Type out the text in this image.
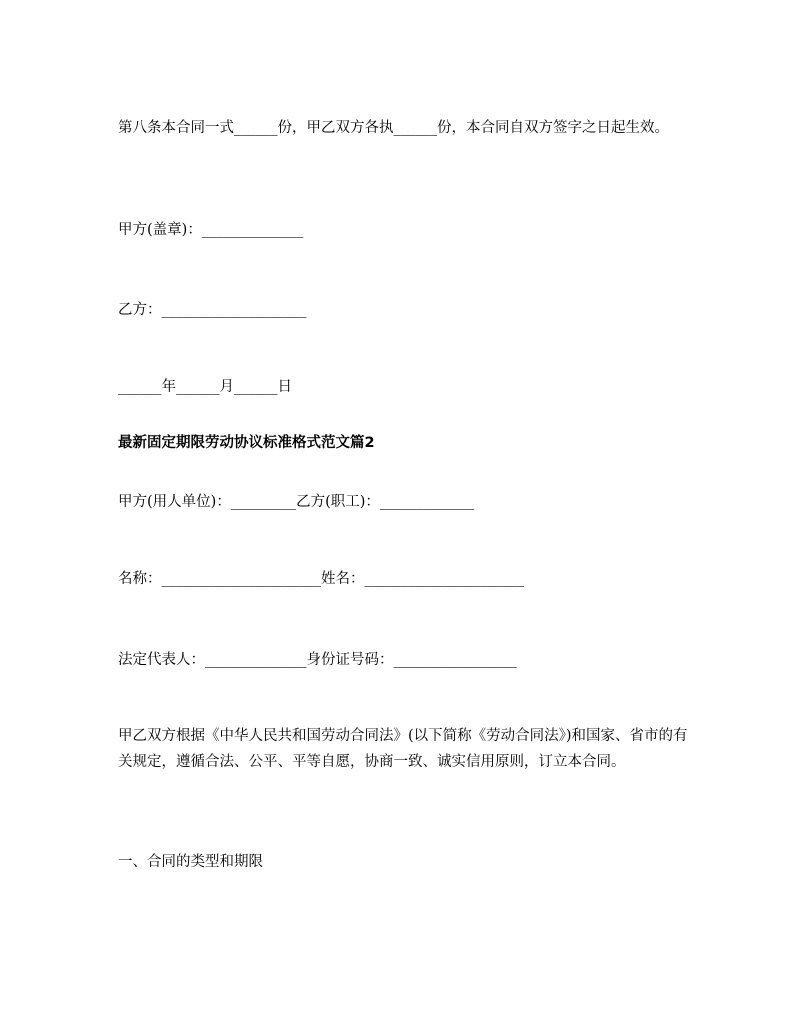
第八条本合同一式______份，甲乙双方各执______份，本合同自双方签字之日起生效。

甲方(盖章)：______________

乙方：____________________

______年______月______日

最新固定期限劳动协议标准格式范文篇2

甲方(用人单位)：_________乙方(职工)：_____________

名称：______________________姓名：______________________

法定代表人：______________身份证号码：_________________

甲乙双方根据《中华人民共和国劳动合同法》(以下简称《劳动合同法》)和国家、省市的有关规定，遵循合法、公平、平等自愿，协商一致、诚实信用原则，订立本合同。

一、合同的类型和期限
